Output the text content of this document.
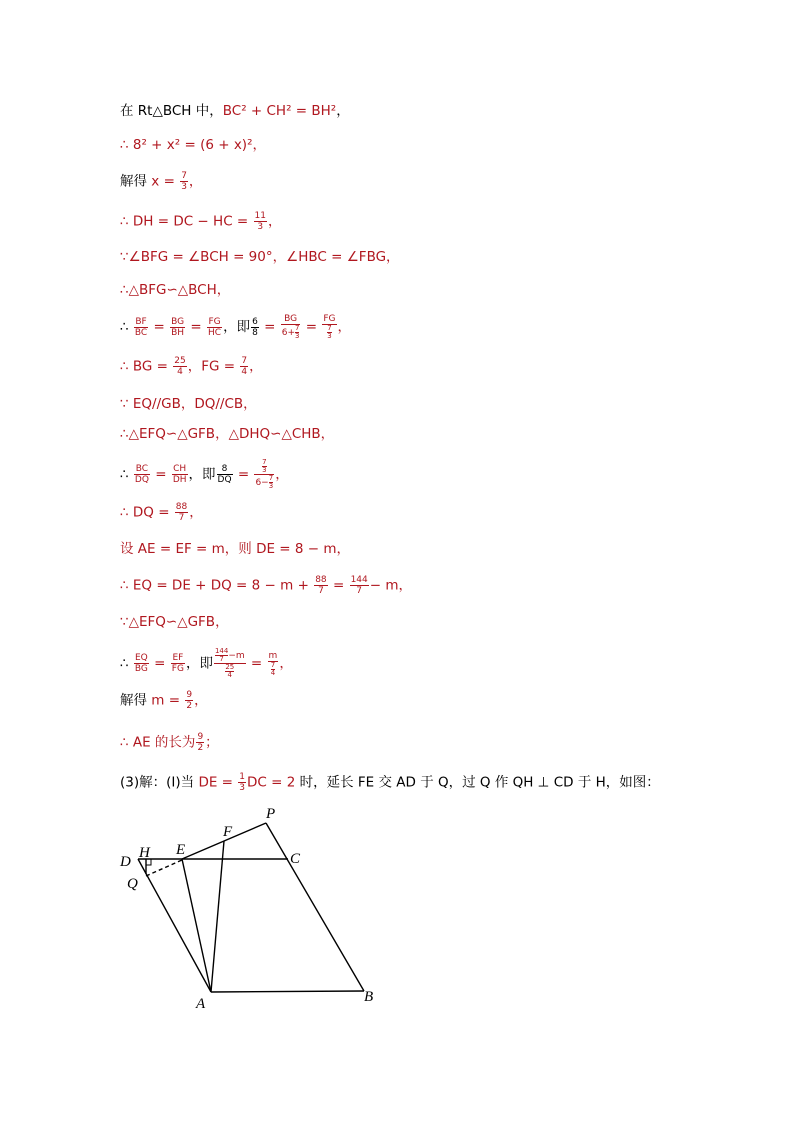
在 Rt△BCH 中，BC² + CH² = BH²，
∴ 8² + x² = (6 + x)²，
解得 $x = \frac{7}{3}$ ，
∴ DH = DC − HC = $\frac{11}{3}$ ，
∵∠BFG = ∠BCH = 90°，∠HBC = ∠FBG，
∴△BFG∽△BCH，
∴ $\frac{BF}{BC} = \frac{BG}{BH} = \frac{FG}{HC}$ ，即 $\frac{6}{8} = \frac{BG}{6+ \frac{7}{3}} = \frac{FG}{\frac{7}{3}}$ ，
∴ BG = $\frac{25}{4}$ ，FG = $\frac{7}{4}$ ，
∵ EQ//GB，DQ//CB，
∴△EFQ∽△GFB，△DHQ∽△CHB，
∴ $\frac{BC}{DQ} = \frac{CH}{DH}$ ，即 $\frac{8}{DQ} = \frac{\frac{7}{3}}{6- \frac{7}{3}}$ ，
∴ DQ = $\frac{88}{7}$ ，
设 AE = EF = m，则 DE = 8 − m，
∴ EQ = DE + DQ = $8 - m + \frac{88}{7} = \frac{144}{7} - m$，
∵△EFQ∽△GFB，
∴ $\frac{EQ}{BG} = \frac{EF}{FG}$ ，即 $\frac{\frac{144}{7} -m}{\frac{25}{4}} = \frac{m}{\frac{7}{4}}$ ，
解得 $m = \frac{9}{2}$ ，
∴ AE 的长为 $\frac{9}{2}$ ；
(3)解：(Ⅰ)当 DE = $\frac{1}{3}$ DC = 2 时，延长 FE 交 AD 于 Q，过 Q 作 QH ⊥ CD 于 H，如图：
D
H E
F
P
C
Q
A	B
